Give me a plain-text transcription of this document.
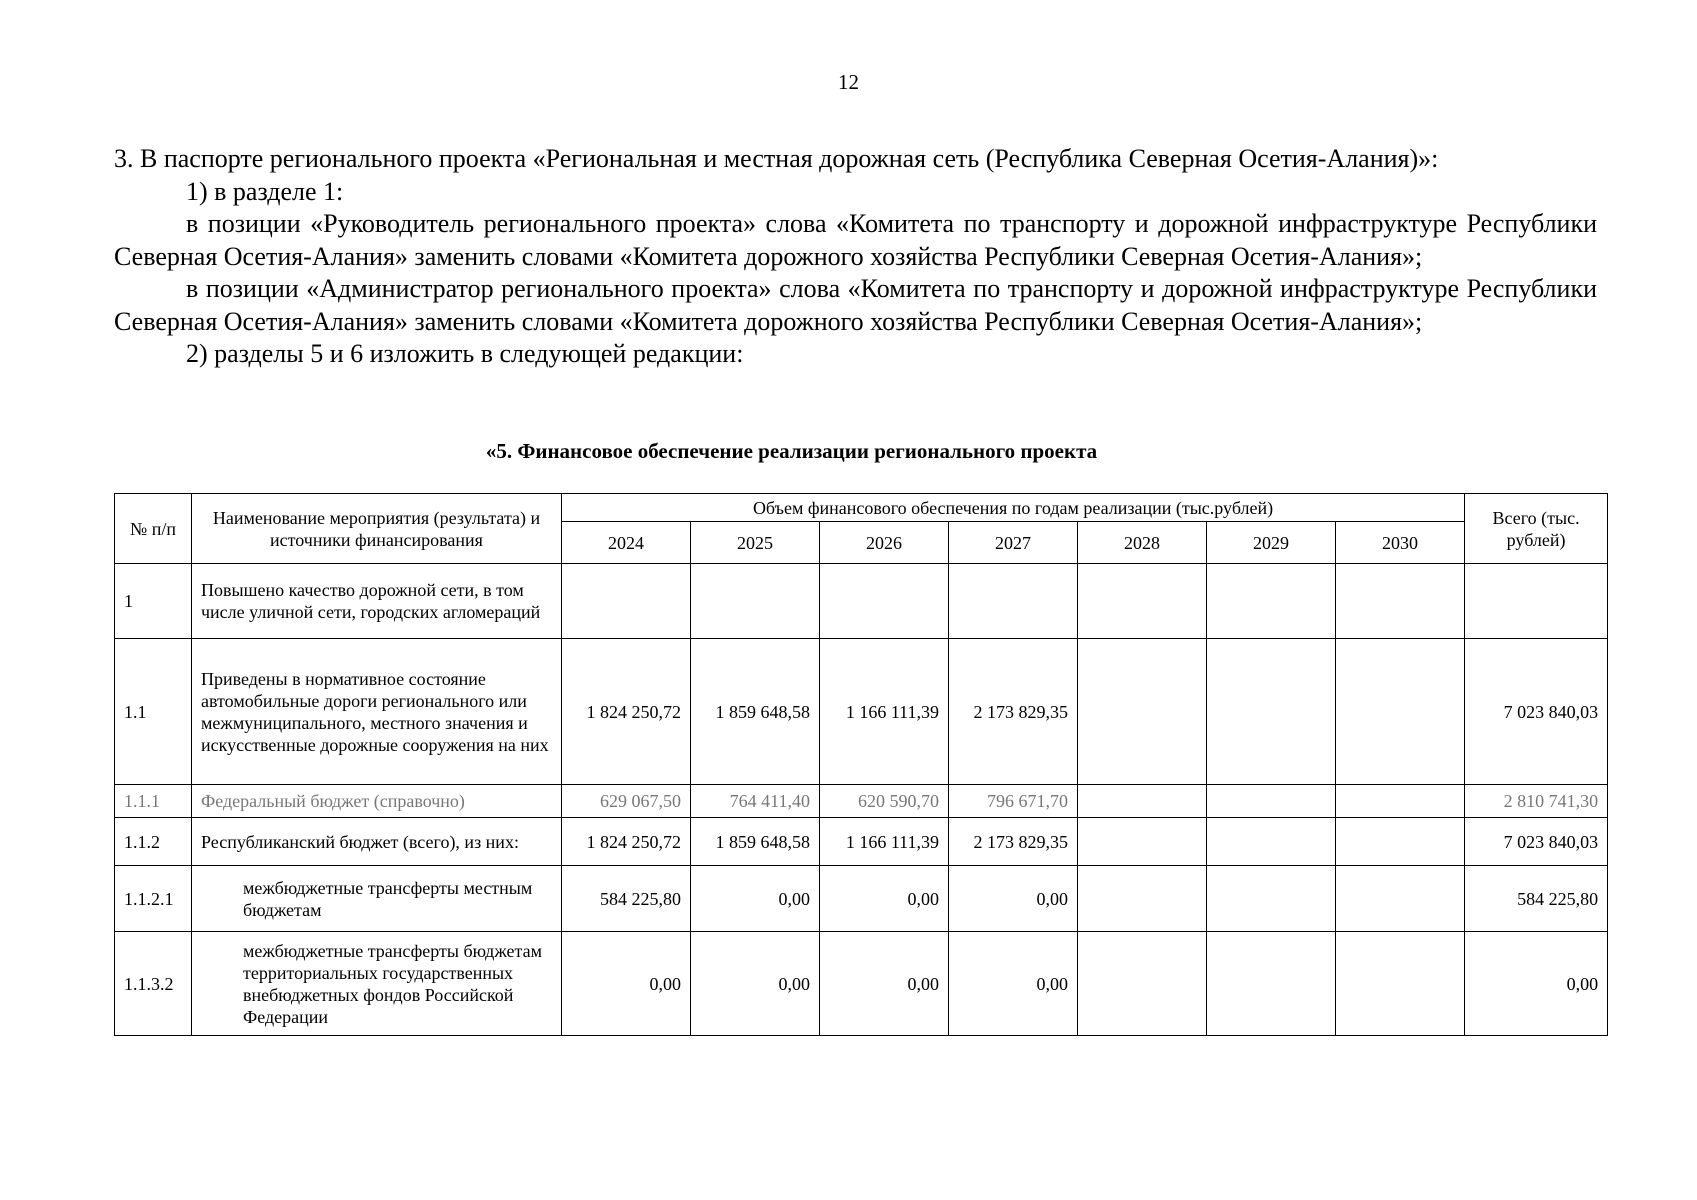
12

3. В паспорте регионального проекта «Региональная и местная дорожная сеть (Республика Северная Осетия-Алания)»:

1) в разделе 1:

в позиции «Руководитель регионального проекта» слова «Комитета по транспорту и дорожной инфраструктуре Республики Северная Осетия-Алания» заменить словами «Комитета дорожного хозяйства Республики Северная Осетия-Алания»;

в позиции «Администратор регионального проекта» слова «Комитета по транспорту и дорожной инфраструктуре Республики Северная Осетия-Алания» заменить словами «Комитета дорожного хозяйства Республики Северная Осетия-Алания»;

2) разделы 5 и 6 изложить в следующей редакции:

«5. Финансовое обеспечение реализации регионального проекта
№ п/п	Наименование мероприятия (результата) и источники финансирования	Объем финансового обеспечения по годам реализации (тыс.рублей)							Всего (тыс. рублей)
		2024	2025	2026	2027	2028	2029	2030	
1	Повышено качество дорожной сети, в том числе уличной сети, городских агломераций								
1.1	Приведены в нормативное состояние автомобильные дороги регионального или межмуниципального, местного значения и искусственные дорожные сооружения на них	1 824 250,72	1 859 648,58	1 166 111,39	2 173 829,35				7 023 840,03
1.1.1	Федеральный бюджет (справочно)	629 067,50	764 411,40	620 590,70	796 671,70				2 810 741,30
1.1.2	Республиканский бюджет (всего), из них:	1 824 250,72	1 859 648,58	1 166 111,39	2 173 829,35				7 023 840,03
1.1.2.1	межбюджетные трансферты местным бюджетам	584 225,80	0,00	0,00	0,00				584 225,80
1.1.3.2	межбюджетные трансферты бюджетам территориальных государственных внебюджетных фондов Российской Федерации	0,00	0,00	0,00	0,00				0,00
